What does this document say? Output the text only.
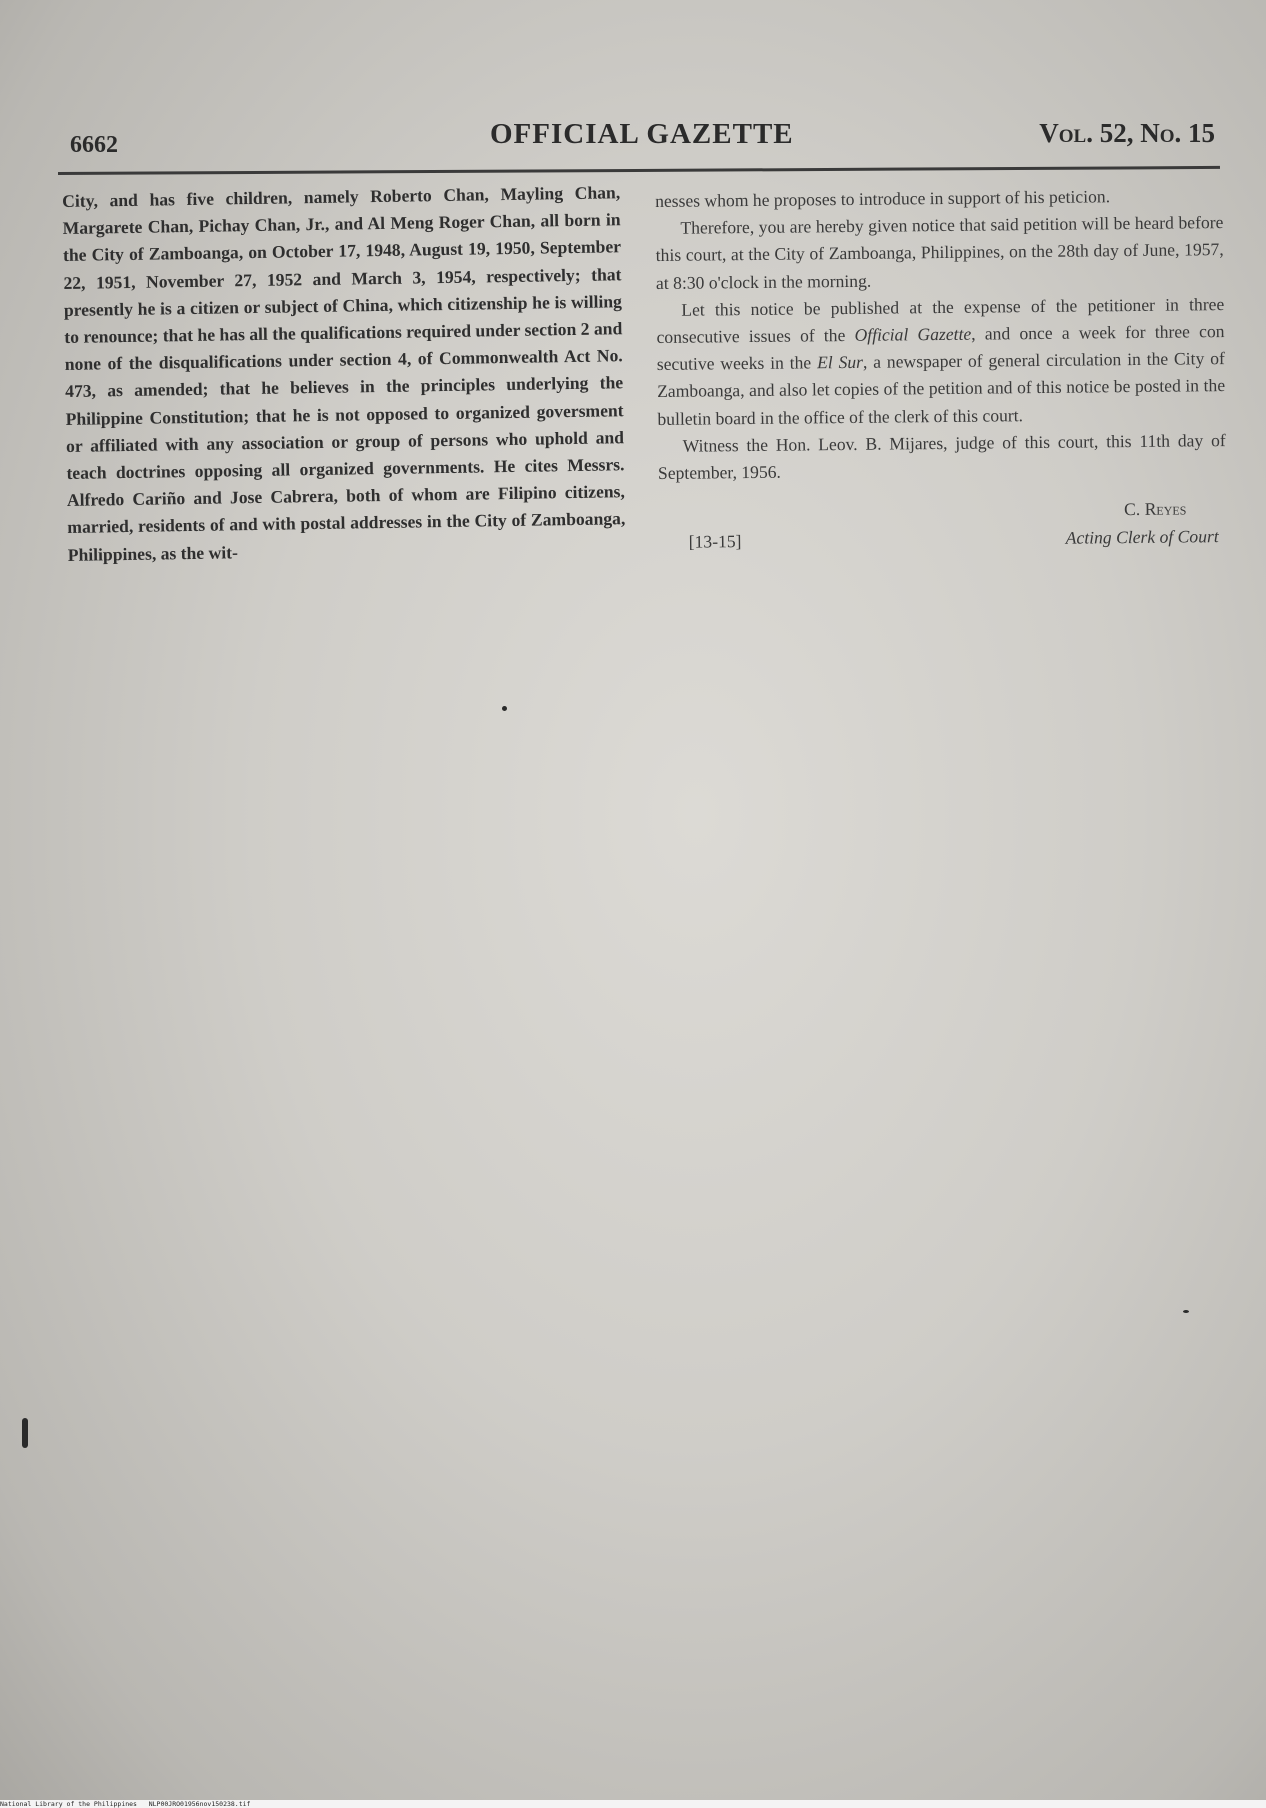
6662	OFFICIAL GAZETTE	Vol. 52, No. 15

City, and has five children, namely Roberto Chan, Mayling Chan, Margarete Chan, Pichay Chan, Jr., and Al Meng Roger Chan, all born in the City of Zamboanga, on October 17, 1948, August 19, 1950, September 22, 1951, November 27, 1952 and March 3, 1954, respectively; that presently he is a citizen or subject of China, which citizenship he is willing to renounce; that he has all the qualifications required under section 2 and none of the disqualifications under section 4, of Commonwealth Act No. 473, as amended; that he believes in the principles underlying the Philippine Constitution; that he is not opposed to organized goversment or affiliated with any association or group of persons who uphold and teach doctrines opposing all organized governments. He cites Messrs. Alfredo Cariño and Jose Cabrera, both of whom are Filipino citizens, married, residents of and with postal addresses in the City of Zamboanga, Philippines, as the wit-

nesses whom he proposes to introduce in support of his peticion.

Therefore, you are hereby given notice that said petition will be heard before this court, at the City of Zamboanga, Philippines, on the 28th day of June, 1957, at 8:30 o'clock in the morning.

Let this notice be published at the expense of the petitioner in three consecutive issues of the Official Gazette, and once a week for three con secutive weeks in the El Sur, a newspaper of general circulation in the City of Zamboanga, and also let copies of the petition and of this notice be posted in the bulletin board in the office of the clerk of this court.

Witness the Hon. Leov. B. Mijares, judge of this court, this 11th day of September, 1956.

C. Reyes
[13-15]	Acting Clerk of Court
National Library of the Philippines NLP00JRO01956nov150238.tif
